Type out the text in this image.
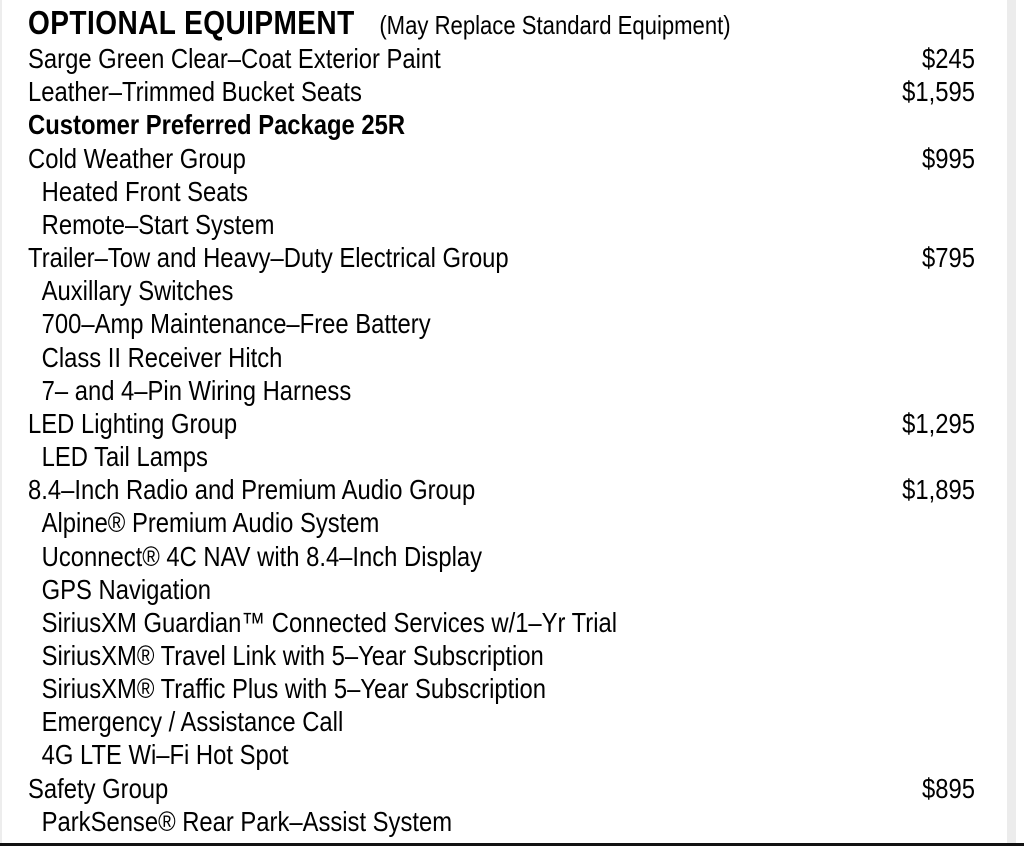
OPTIONAL EQUIPMENT (May Replace Standard Equipment)
Sarge Green Clear–Coat Exterior Paint	$245
Leather–Trimmed Bucket Seats	$1,595
Customer Preferred Package 25R
Cold Weather Group	$995
Heated Front Seats
Remote–Start System
Trailer–Tow and Heavy–Duty Electrical Group	$795
Auxillary Switches
700–Amp Maintenance–Free Battery
Class II Receiver Hitch
7– and 4–Pin Wiring Harness
LED Lighting Group	$1,295
LED Tail Lamps
8.4–Inch Radio and Premium Audio Group	$1,895
Alpine® Premium Audio System
Uconnect® 4C NAV with 8.4–Inch Display
GPS Navigation
SiriusXM Guardian™ Connected Services w/1–Yr Trial
SiriusXM® Travel Link with 5–Year Subscription
SiriusXM® Traffic Plus with 5–Year Subscription
Emergency / Assistance Call
4G LTE Wi–Fi Hot Spot
Safety Group	$895
ParkSense® Rear Park–Assist System
